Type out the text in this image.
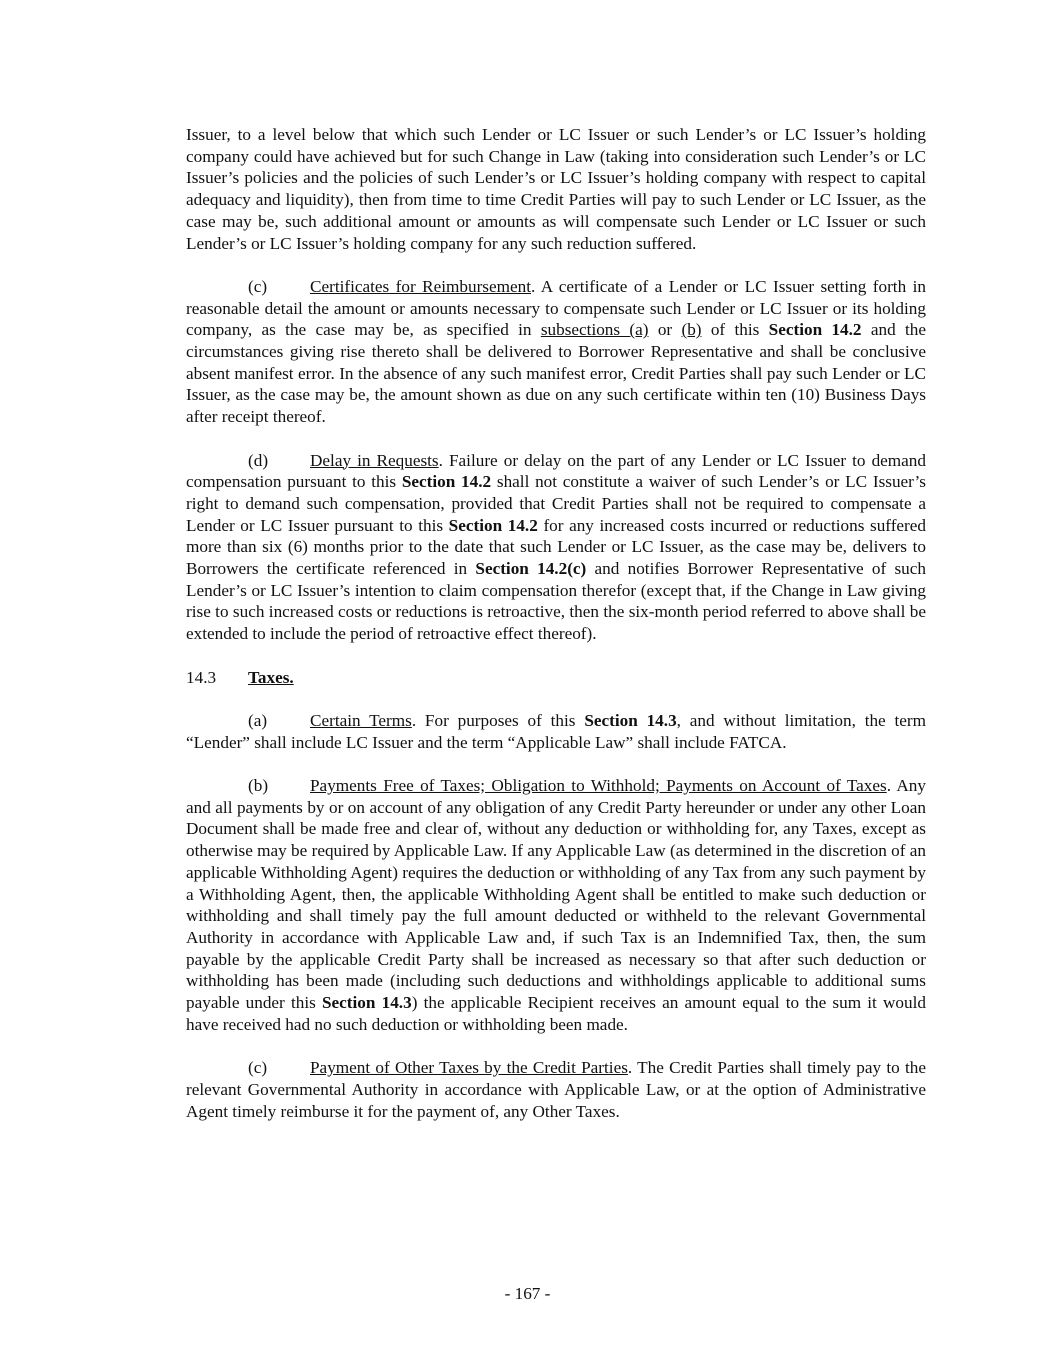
Issuer, to a level below that which such Lender or LC Issuer or such Lender’s or LC Issuer’s holding company could have achieved but for such Change in Law (taking into consideration such Lender’s or LC Issuer’s policies and the policies of such Lender’s or LC Issuer’s holding company with respect to capital adequacy and liquidity), then from time to time Credit Parties will pay to such Lender or LC Issuer, as the case may be, such additional amount or amounts as will compensate such Lender or LC Issuer or such Lender’s or LC Issuer’s holding company for any such reduction suffered.

(c) Certificates for Reimbursement. A certificate of a Lender or LC Issuer setting forth in reasonable detail the amount or amounts necessary to compensate such Lender or LC Issuer or its holding company, as the case may be, as specified in subsections (a) or (b) of this Section 14.2 and the circumstances giving rise thereto shall be delivered to Borrower Representative and shall be conclusive absent manifest error. In the absence of any such manifest error, Credit Parties shall pay such Lender or LC Issuer, as the case may be, the amount shown as due on any such certificate within ten (10) Business Days after receipt thereof.

(d) Delay in Requests. Failure or delay on the part of any Lender or LC Issuer to demand compensation pursuant to this Section 14.2 shall not constitute a waiver of such Lender’s or LC Issuer’s right to demand such compensation, provided that Credit Parties shall not be required to compensate a Lender or LC Issuer pursuant to this Section 14.2 for any increased costs incurred or reductions suffered more than six (6) months prior to the date that such Lender or LC Issuer, as the case may be, delivers to Borrowers the certificate referenced in Section 14.2(c) and notifies Borrower Representative of such Lender’s or LC Issuer’s intention to claim compensation therefor (except that, if the Change in Law giving rise to such increased costs or reductions is retroactive, then the six-month period referred to above shall be extended to include the period of retroactive effect thereof).

14.3 Taxes.

(a) Certain Terms. For purposes of this Section 14.3, and without limitation, the term “Lender” shall include LC Issuer and the term “Applicable Law” shall include FATCA.

(b) Payments Free of Taxes; Obligation to Withhold; Payments on Account of Taxes. Any and all payments by or on account of any obligation of any Credit Party hereunder or under any other Loan Document shall be made free and clear of, without any deduction or withholding for, any Taxes, except as otherwise may be required by Applicable Law. If any Applicable Law (as determined in the discretion of an applicable Withholding Agent) requires the deduction or withholding of any Tax from any such payment by a Withholding Agent, then, the applicable Withholding Agent shall be entitled to make such deduction or withholding and shall timely pay the full amount deducted or withheld to the relevant Governmental Authority in accordance with Applicable Law and, if such Tax is an Indemnified Tax, then, the sum payable by the applicable Credit Party shall be increased as necessary so that after such deduction or withholding has been made (including such deductions and withholdings applicable to additional sums payable under this Section 14.3) the applicable Recipient receives an amount equal to the sum it would have received had no such deduction or withholding been made.

(c) Payment of Other Taxes by the Credit Parties. The Credit Parties shall timely pay to the relevant Governmental Authority in accordance with Applicable Law, or at the option of Administrative Agent timely reimburse it for the payment of, any Other Taxes.

- 167 -
